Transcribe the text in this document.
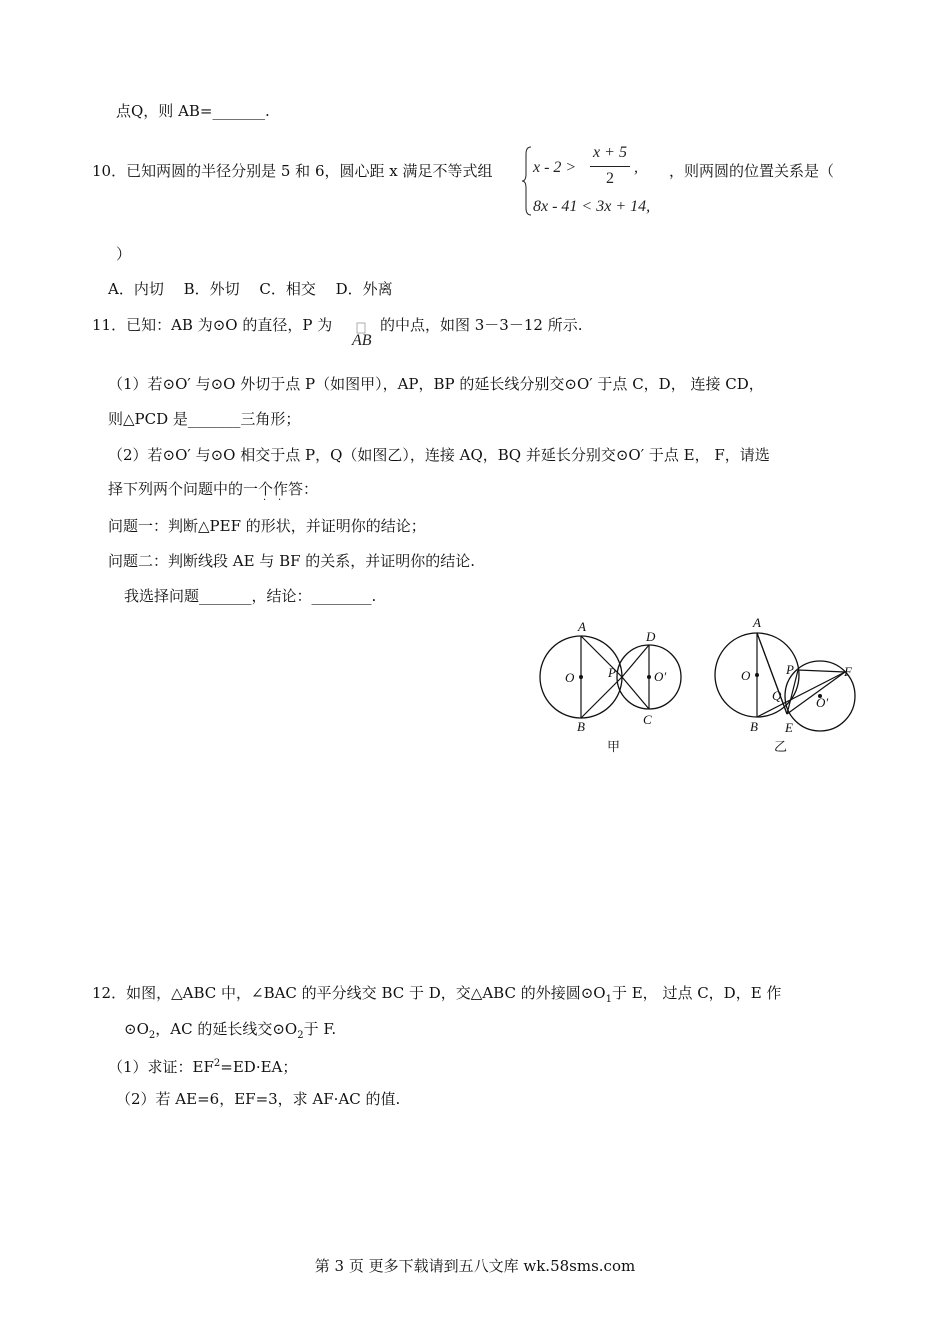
点Q，则 AB=_______.
10．已知两圆的半径分别是 5 和 6，圆心距 x 满足不等式组	x - 2 >
x + 5
2
,
8x - 41 < 3x + 14,
，则两圆的位置关系是（
）
A．内切　 B．外切　 C．相交　 D．外离
11．已知：AB 为⊙O 的直径，P 为
AB
的中点，如图 3－3－12 所示.
（1）若⊙O′ 与⊙O 外切于点 P（如图甲），AP，BP 的延长线分别交⊙O′ 于点 C，D， 连接 CD，
则△PCD 是_______三角形；
（2）若⊙O′ 与⊙O 相交于点 P，Q（如图乙），连接 AQ，BQ 并延长分别交⊙O′ 于点 E， F，请选
择下列两个问题中的一个作答：
· ·
问题一：判断△PEF 的形状，并证明你的结论；
问题二：判断线段 AE 与 BF 的关系，并证明你的结论.
我选择问题_______，结论：________.
A
B
O	P
D
C
O′
甲
A
B
O	P
Q
E
F
O′
乙
12．如图，△ABC 中，∠BAC 的平分线交 BC 于 D，交△ABC 的外接圆$⊙O_1$于 E， 过点 C，D，E 作
$⊙O_2$，AC 的延长线交$⊙O_2$于 F.
（1）求证：$EF^2=ED\cdot EA$；
（2）若 AE=6，EF=3，求 AF·AC 的值.
第 3 页 更多下载请到五八文库 wk.58sms.com
